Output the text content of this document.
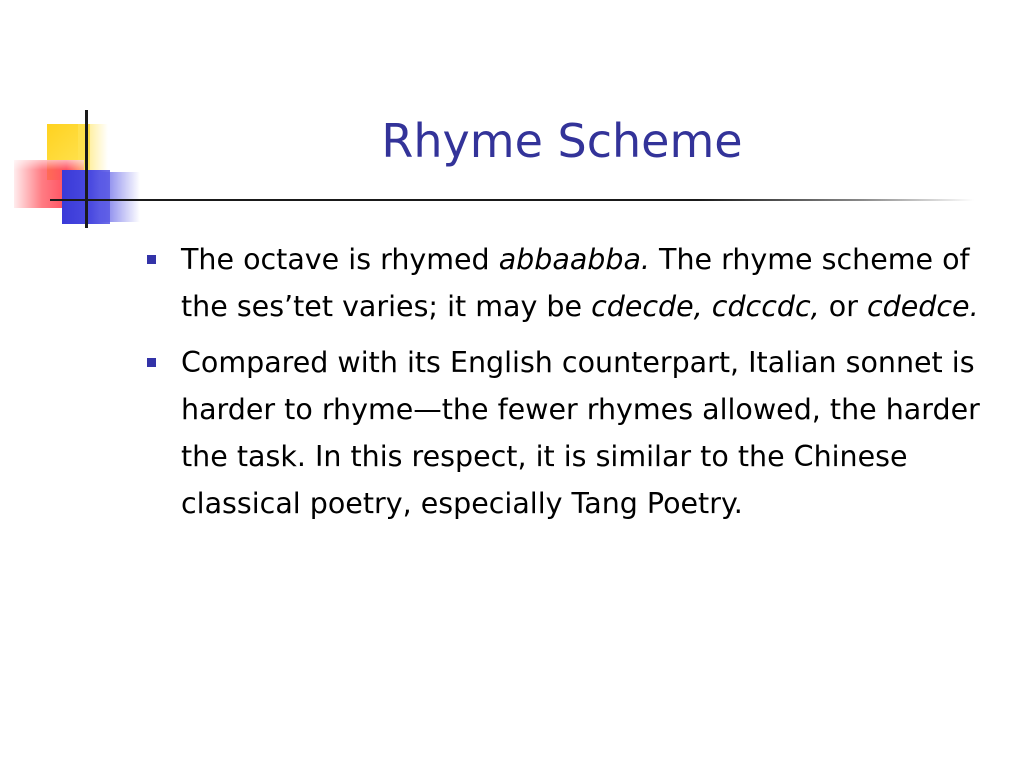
Rhyme Scheme
The octave is rhymed abbaabba. The rhyme scheme of the ses’tet varies; it may be cdecde, cdccdc, or cdedce.
Compared with its English counterpart, Italian sonnet is harder to rhyme—the fewer rhymes allowed, the harder the task. In this respect, it is similar to the Chinese classical poetry, especially Tang Poetry.
